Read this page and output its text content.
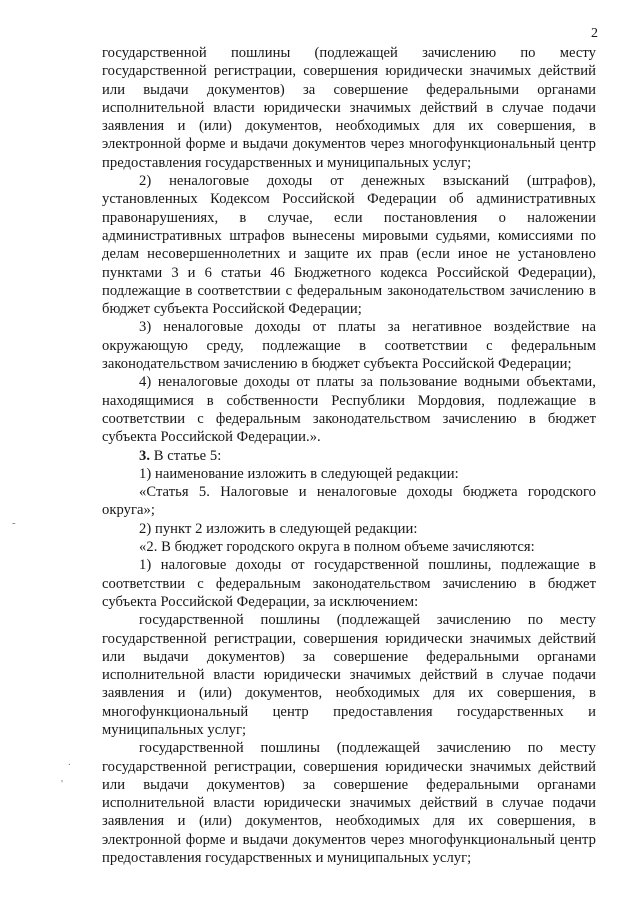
2
-
.
'

государственной пошлины (подлежащей зачислению по месту государственной регистрации, совершения юридически значимых действий или выдачи документов) за совершение федеральными органами исполнительной власти юридически значимых действий в случае подачи заявления и (или) документов, необходимых для их совершения, в электронной форме и выдачи документов через многофункциональный центр предоставления государственных и муниципальных услуг;

2) неналоговые доходы от денежных взысканий (штрафов), установленных Кодексом Российской Федерации об административных правонарушениях, в случае, если постановления о наложении административных штрафов вынесены мировыми судьями, комиссиями по делам несовершеннолетних и защите их прав (если иное не установлено пунктами 3 и 6 статьи 46 Бюджетного кодекса Российской Федерации), подлежащие в соответствии с федеральным законодательством зачислению в бюджет субъекта Российской Федерации;

3) неналоговые доходы от платы за негативное воздействие на окружающую среду, подлежащие в соответствии с федеральным законодательством зачислению в бюджет субъекта Российской Федерации;

4) неналоговые доходы от платы за пользование водными объектами, находящимися в собственности Республики Мордовия, подлежащие в соответствии с федеральным законодательством зачислению в бюджет субъекта Российской Федерации.».

3. В статье 5:

1) наименование изложить в следующей редакции:

«Статья 5. Налоговые и неналоговые доходы бюджета городского округа»;

2) пункт 2 изложить в следующей редакции:

«2. В бюджет городского округа в полном объеме зачисляются:

1) налоговые доходы от государственной пошлины, подлежащие в соответствии с федеральным законодательством зачислению в бюджет субъекта Российской Федерации, за исключением:

государственной пошлины (подлежащей зачислению по месту государственной регистрации, совершения юридически значимых действий или выдачи документов) за совершение федеральными органами исполнительной власти юридически значимых действий в случае подачи заявления и (или) документов, необходимых для их совершения, в многофункциональный центр предоставления государственных и муниципальных услуг;

государственной пошлины (подлежащей зачислению по месту государственной регистрации, совершения юридически значимых действий или выдачи документов) за совершение федеральными органами исполнительной власти юридически значимых действий в случае подачи заявления и (или) документов, необходимых для их совершения, в электронной форме и выдачи документов через многофункциональный центр предоставления государственных и муниципальных услуг;
